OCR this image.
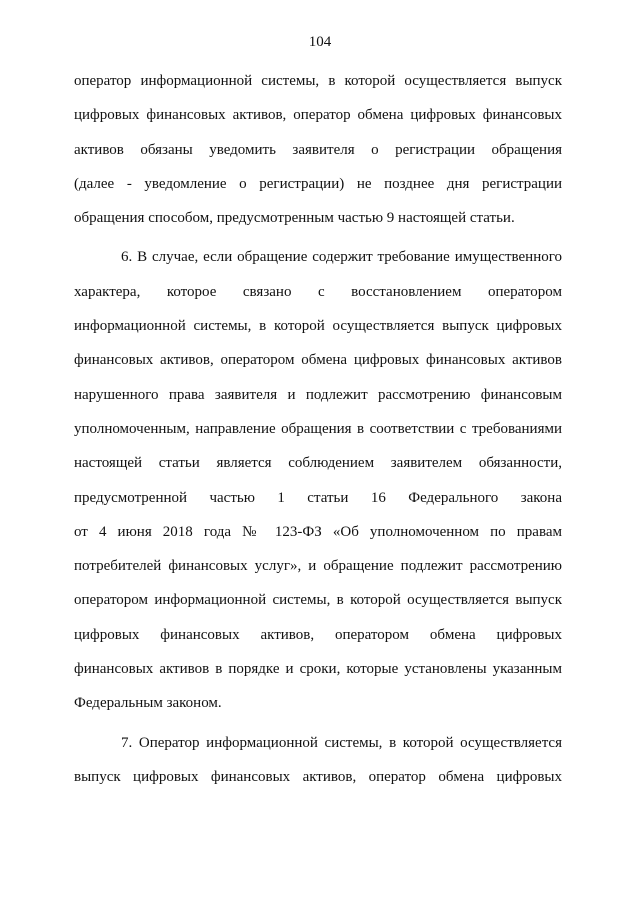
104
оператор информационной системы, в которой осуществляется выпуск
цифровых финансовых активов, оператор обмена цифровых финансовых
активов обязаны уведомить заявителя о регистрации обращения
(далее - уведомление о регистрации) не позднее дня регистрации
обращения способом, предусмотренным частью 9 настоящей статьи.
6. В случае, если обращение содержит требование имущественного
характера, которое связано с восстановлением оператором
информационной системы, в которой осуществляется выпуск цифровых
финансовых активов, оператором обмена цифровых финансовых активов
нарушенного права заявителя и подлежит рассмотрению финансовым
уполномоченным, направление обращения в соответствии с требованиями
настоящей статьи является соблюдением заявителем обязанности,
предусмотренной частью 1 статьи 16 Федерального закона
от 4 июня 2018 года № 123-ФЗ «Об уполномоченном по правам
потребителей финансовых услуг», и обращение подлежит рассмотрению
оператором информационной системы, в которой осуществляется выпуск
цифровых финансовых активов, оператором обмена цифровых
финансовых активов в порядке и сроки, которые установлены указанным
Федеральным законом.
7. Оператор информационной системы, в которой осуществляется
выпуск цифровых финансовых активов, оператор обмена цифровых
